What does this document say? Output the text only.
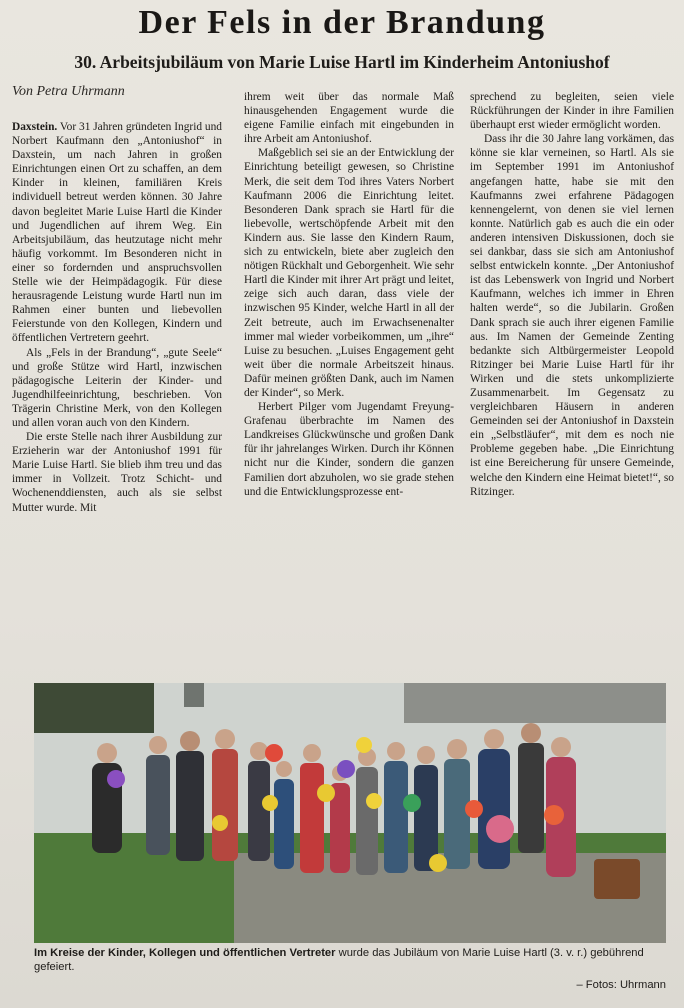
Der Fels in der Brandung
30. Arbeitsjubiläum von Marie Luise Hartl im Kinderheim Antoniushof
Von Petra Uhrmann

Daxstein. Vor 31 Jahren gründeten Ingrid und Norbert Kaufmann den „Antoniushof“ in Daxstein, um nach Jahren in großen Einrichtungen einen Ort zu schaffen, an dem Kinder in kleinen, familiären Kreis individuell betreut werden können. 30 Jahre davon begleitet Marie Luise Hartl die Kinder und Jugendlichen auf ihrem Weg. Ein Arbeitsjubiläum, das heutzutage nicht mehr häufig vorkommt. Im Besonderen nicht in einer so fordernden und anspruchsvollen Stelle wie der Heimpädagogik. Für diese herausragende Leistung wurde Hartl nun im Rahmen einer bunten und liebevollen Feierstunde von den Kollegen, Kindern und öffentlichen Vertretern geehrt.

Als „Fels in der Brandung“, „gute Seele“ und große Stütze wird Hartl, inzwischen pädagogische Leiterin der Kinder- und Jugendhilfeeinrichtung, beschrieben. Von Trägerin Christine Merk, von den Kollegen und allen voran auch von den Kindern.

Die erste Stelle nach ihrer Ausbildung zur Erzieherin war der Antoniushof 1991 für Marie Luise Hartl. Sie blieb ihm treu und das immer in Vollzeit. Trotz Schicht- und Wochenenddiensten, auch als sie selbst Mutter wurde. Mit

ihrem weit über das normale Maß hinausgehenden Engagement wurde die eigene Familie einfach mit eingebunden in ihre Arbeit am Antoniushof.

Maßgeblich sei sie an der Entwicklung der Einrichtung beteiligt gewesen, so Christine Merk, die seit dem Tod ihres Vaters Norbert Kaufmann 2006 die Einrichtung leitet. Besonderen Dank sprach sie Hartl für die liebevolle, wertschöpfende Arbeit mit den Kindern aus. Sie lasse den Kindern Raum, sich zu entwickeln, biete aber zugleich den nötigen Rückhalt und Geborgenheit. Wie sehr Hartl die Kinder mit ihrer Art prägt und leitet, zeige sich auch daran, dass viele der inzwischen 95 Kinder, welche Hartl in all der Zeit betreute, auch im Erwachsenenalter immer mal wieder vorbeikommen, um „ihre“ Luise zu besuchen. „Luises Engagement geht weit über die normale Arbeitszeit hinaus. Dafür meinen größten Dank, auch im Namen der Kinder“, so Merk.

Herbert Pilger vom Jugendamt Freyung-Grafenau überbrachte im Namen des Landkreises Glückwünsche und großen Dank für ihr jahrelanges Wirken. Durch ihr Können nicht nur die Kinder, sondern die ganzen Familien dort abzuholen, wo sie grade stehen und die Entwicklungsprozesse ent-

sprechend zu begleiten, seien viele Rückführungen der Kinder in ihre Familien überhaupt erst wieder ermöglicht worden.

Dass ihr die 30 Jahre lang vorkämen, das könne sie klar verneinen, so Hartl. Als sie im September 1991 im Antoniushof angefangen hatte, habe sie mit den Kaufmanns zwei erfahrene Pädagogen kennengelernt, von denen sie viel lernen konnte. Natürlich gab es auch die ein oder anderen intensiven Diskussionen, doch sie sei dankbar, dass sie sich am Antoniushof selbst entwickeln konnte. „Der Antoniushof ist das Lebenswerk von Ingrid und Norbert Kaufmann, welches ich immer in Ehren halten werde“, so die Jubilarin. Großen Dank sprach sie auch ihrer eigenen Familie aus. Im Namen der Gemeinde Zenting bedankte sich Altbürgermeister Leopold Ritzinger bei Marie Luise Hartl für ihr Wirken und die stets unkomplizierte Zusammenarbeit. Im Gegensatz zu vergleichbaren Häusern in anderen Gemeinden sei der Antoniushof in Daxstein ein „Selbstläufer“, mit dem es noch nie Probleme gegeben habe. „Die Einrichtung ist eine Bereicherung für unsere Gemeinde, welche den Kindern eine Heimat bietet!“, so Ritzinger.

Im Kreise der Kinder, Kollegen und öffentlichen Vertreter wurde das Jubiläum von Marie Luise Hartl (3. v. r.) gebührend gefeiert.
– Fotos: Uhrmann
